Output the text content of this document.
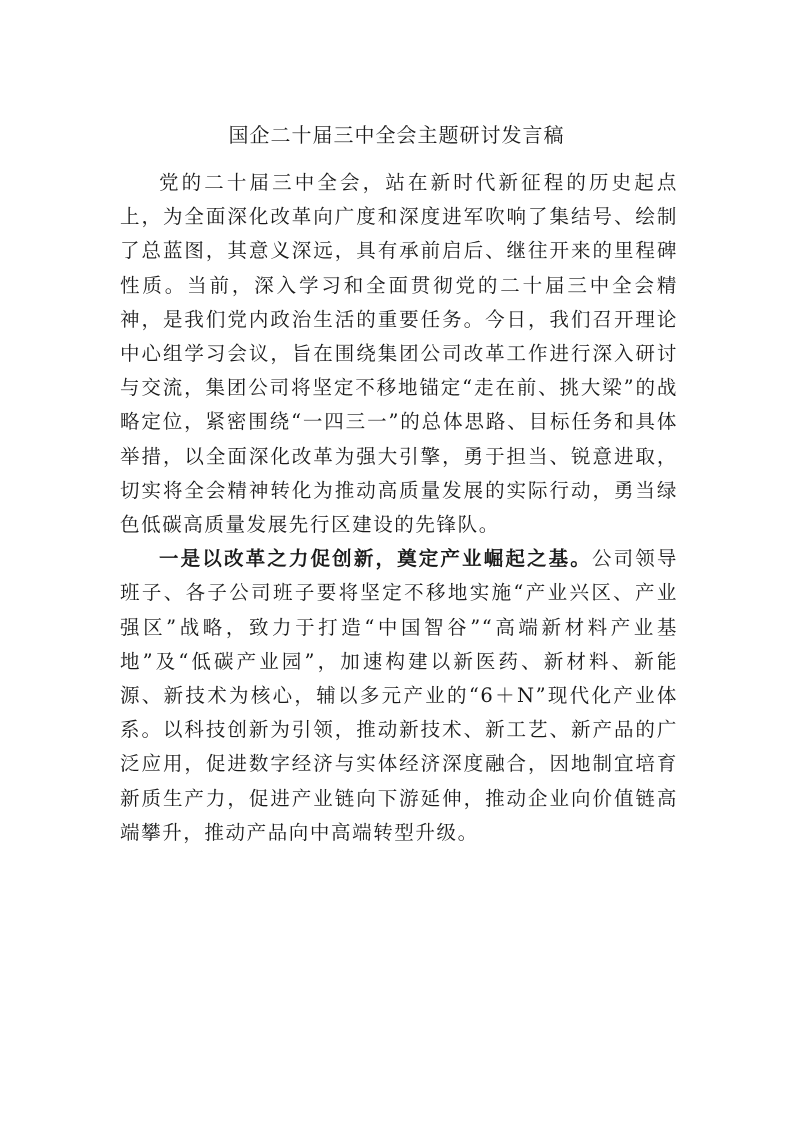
国企二十届三中全会主题研讨发言稿

党的二十届三中全会，站在新时代新征程的历史起点上，为全面深化改革向广度和深度进军吹响了集结号、绘制了总蓝图，其意义深远，具有承前启后、继往开来的里程碑性质。当前，深入学习和全面贯彻党的二十届三中全会精神，是我们党内政治生活的重要任务。今日，我们召开理论中心组学习会议，旨在围绕集团公司改革工作进行深入研讨与交流，集团公司将坚定不移地锚定“走在前、挑大梁”的战略定位，紧密围绕“一四三一”的总体思路、目标任务和具体举措，以全面深化改革为强大引擎，勇于担当、锐意进取，切实将全会精神转化为推动高质量发展的实际行动，勇当绿色低碳高质量发展先行区建设的先锋队。

一是以改革之力促创新，奠定产业崛起之基。公司领导班子、各子公司班子要将坚定不移地实施“产业兴区、产业强区”战略，致力于打造“中国智谷”“高端新材料产业基地”及“低碳产业园”，加速构建以新医药、新材料、新能源、新技术为核心，辅以多元产业的“6＋N”现代化产业体系。以科技创新为引领，推动新技术、新工艺、新产品的广泛应用，促进数字经济与实体经济深度融合，因地制宜培育新质生产力，促进产业链向下游延伸，推动企业向价值链高端攀升，推动产品向中高端转型升级。
